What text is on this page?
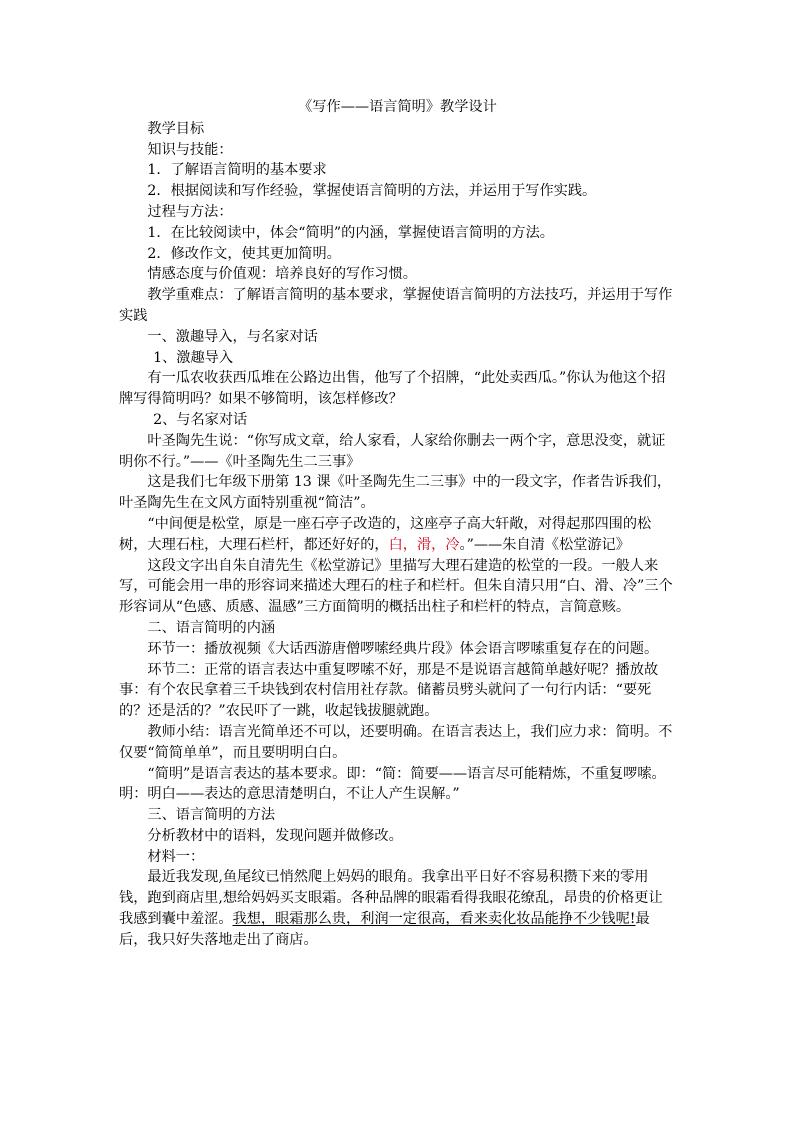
《写作——语言简明》教学设计

教学目标

知识与技能：

1．了解语言简明的基本要求

2．根据阅读和写作经验，掌握使语言简明的方法，并运用于写作实践。

过程与方法：

1．在比较阅读中，体会“简明”的内涵，掌握使语言简明的方法。

2．修改作文，使其更加简明。

情感态度与价值观：培养良好的写作习惯。

教学重难点：了解语言简明的基本要求，掌握使语言简明的方法技巧，并运用于写作实践

一、激趣导入，与名家对话

1、激趣导入

有一瓜农收获西瓜堆在公路边出售，他写了个招牌，“此处卖西瓜。”你认为他这个招牌写得简明吗？如果不够简明，该怎样修改？

2、与名家对话

叶圣陶先生说：“你写成文章，给人家看，人家给你删去一两个字，意思没变，就证明你不行。”——《叶圣陶先生二三事》

这是我们七年级下册第 13 课《叶圣陶先生二三事》中的一段文字，作者告诉我们，叶圣陶先生在文风方面特别重视“简洁”。

“中间便是松堂，原是一座石亭子改造的，这座亭子高大轩敞，对得起那四围的松树，大理石柱，大理石栏杆，都还好好的，白，滑，冷。”——朱自清《松堂游记》

这段文字出自朱自清先生《松堂游记》里描写大理石建造的松堂的一段。一般人来写，可能会用一串的形容词来描述大理石的柱子和栏杆。但朱自清只用“白、滑、冷”三个形容词从“色感、质感、温感”三方面简明的概括出柱子和栏杆的特点，言简意赅。

二、语言简明的内涵

环节一：播放视频《大话西游唐僧啰嗦经典片段》体会语言啰嗦重复存在的问题。

环节二：正常的语言表达中重复啰嗦不好，那是不是说语言越简单越好呢？播放故事：有个农民拿着三千块钱到农村信用社存款。储蓄员劈头就问了一句行内话：“要死的？还是活的？”农民吓了一跳，收起钱拔腿就跑。

教师小结：语言光简单还不可以，还要明确。在语言表达上，我们应力求：简明。不仅要“简简单单”，而且要明明白白。

“简明”是语言表达的基本要求。即：“简：简要——语言尽可能精炼，不重复啰嗦。明：明白——表达的意思清楚明白，不让人产生误解。”

三、语言简明的方法

分析教材中的语料，发现问题并做修改。

材料一：

最近我发现,鱼尾纹已悄然爬上妈妈的眼角。我拿出平日好不容易积攒下来的零用钱，跑到商店里,想给妈妈买支眼霜。各种品牌的眼霜看得我眼花缭乱，昂贵的价格更让我感到囊中羞涩。我想，眼霜那么贵，利润一定很高，看来卖化妆品能挣不少钱呢!最后，我只好失落地走出了商店。
